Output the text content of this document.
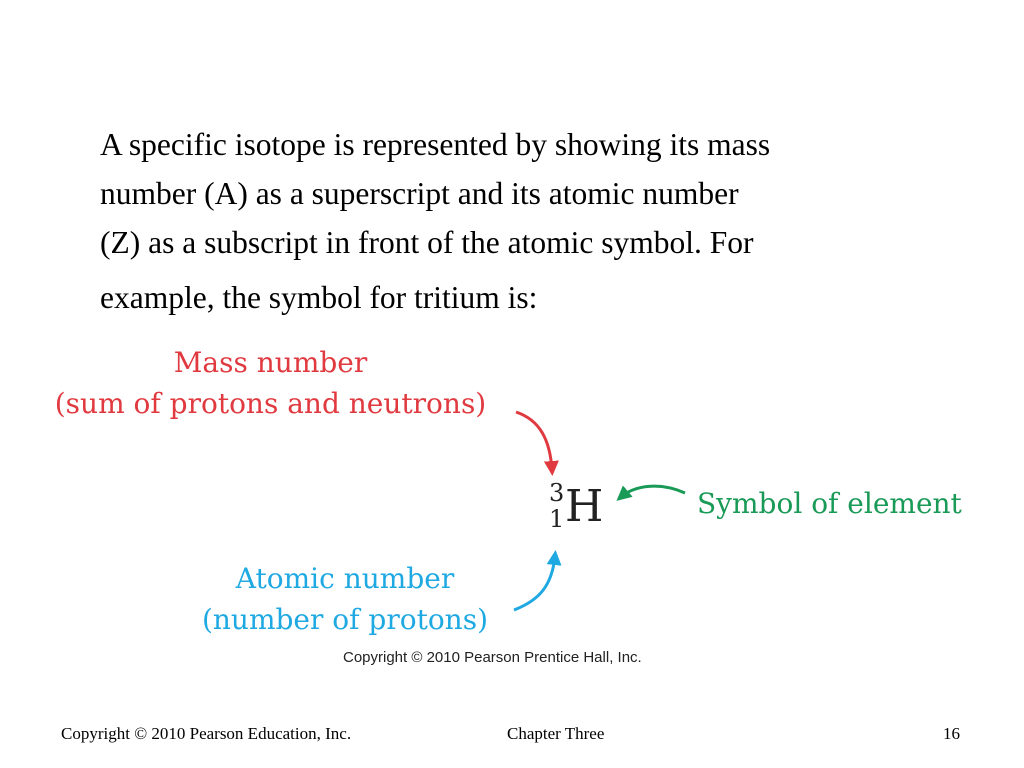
A specific isotope is represented by showing its mass
number (A) as a superscript and its atomic number
(Z) as a subscript in front of the atomic symbol. For
example, the symbol for tritium is:
Mass number
(sum of protons and neutrons)
Atomic number
(number of protons)
Symbol of element
3
1 H
Copyright © 2010 Pearson Prentice Hall, Inc.
Copyright © 2010 Pearson Education, Inc.	Chapter Three	16
